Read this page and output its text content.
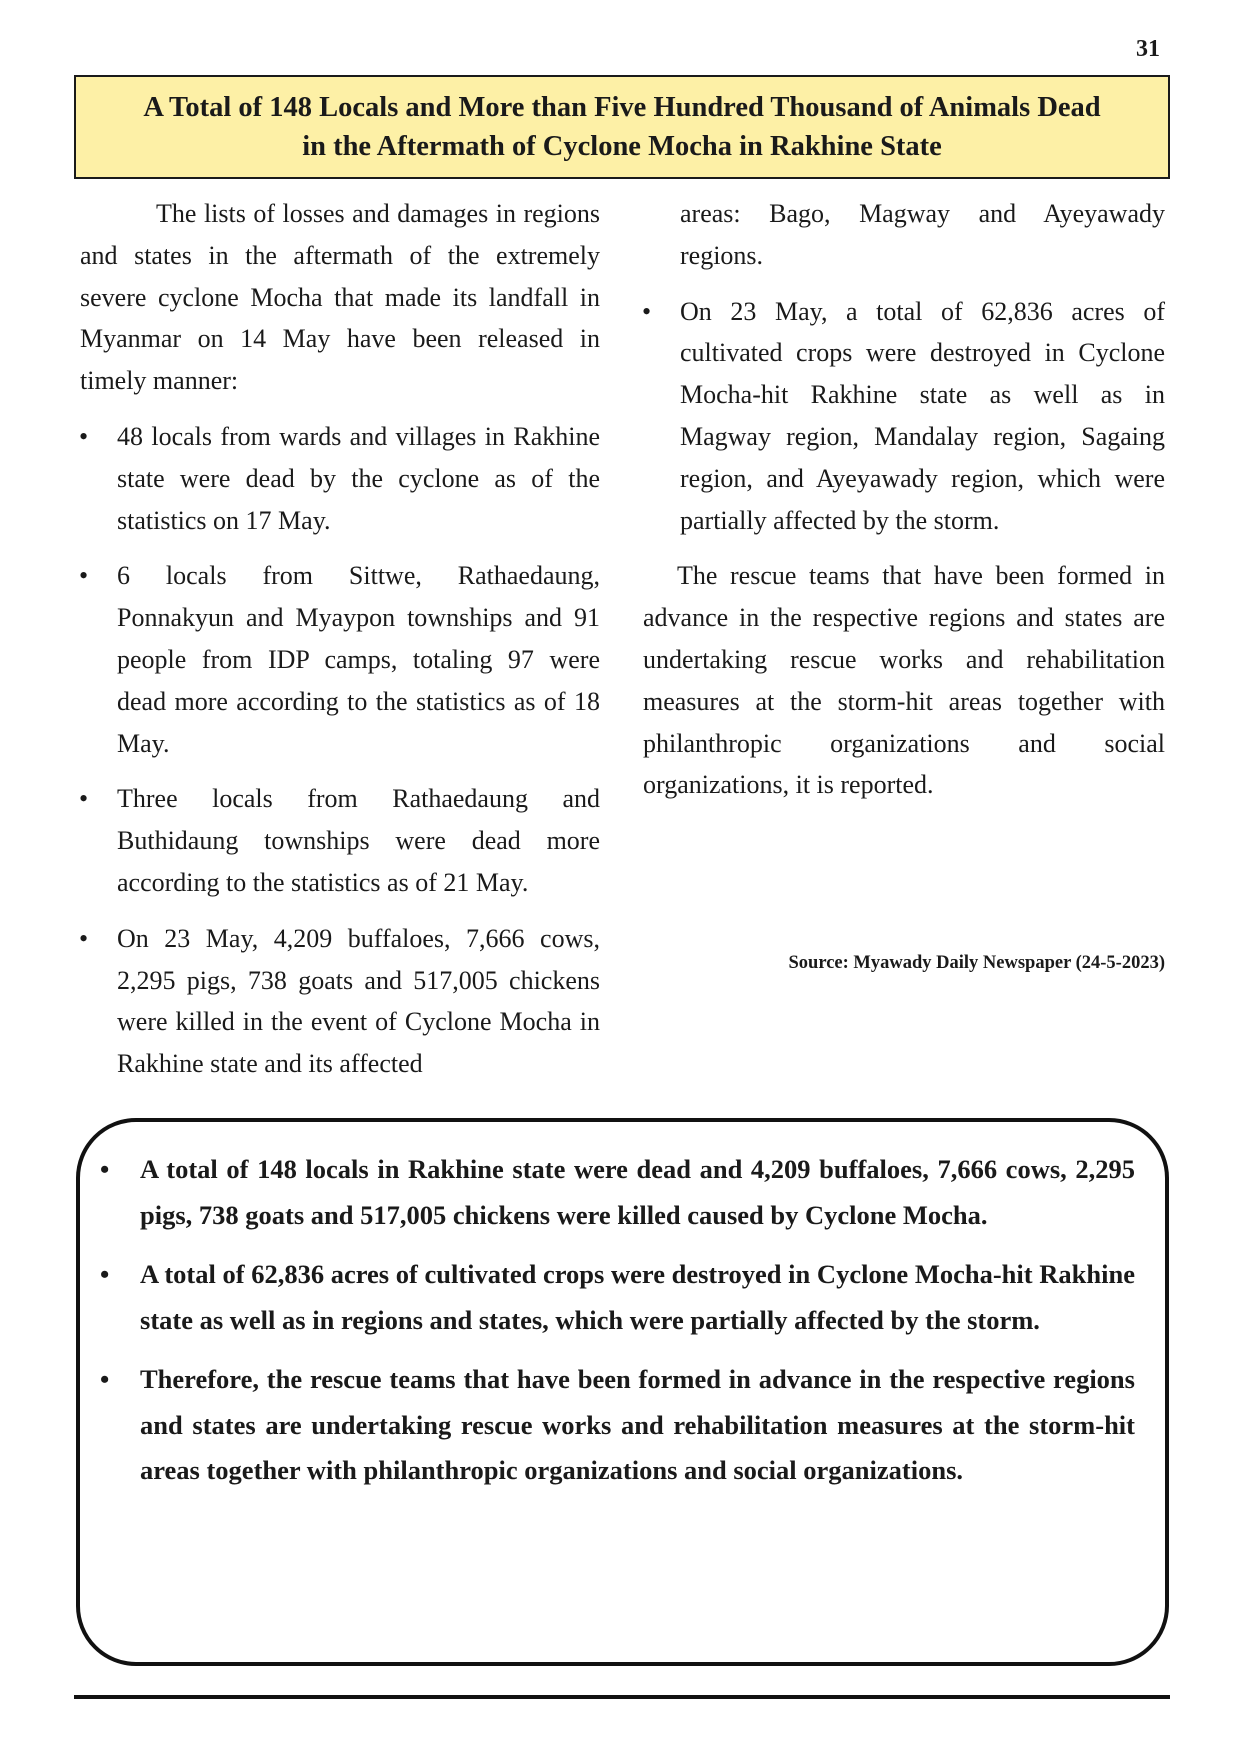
31
A Total of 148 Locals and More than Five Hundred Thousand of Animals Dead
in the Aftermath of Cyclone Mocha in Rakhine State

The lists of losses and damages in regions and states in the aftermath of the extremely severe cyclone Mocha that made its landfall in Myanmar on 14 May have been released in timely manner:

• 48 locals from wards and villages in Rakhine state were dead by the cyclone as of the statistics on 17 May.
• 6 locals from Sittwe, Rathaedaung, Ponnakyun and Myaypon townships and 91 people from IDP camps, totaling 97 were dead more according to the statistics as of 18 May.
• Three locals from Rathaedaung and Buthidaung townships were dead more according to the statistics as of 21 May.
• On 23 May, 4,209 buffaloes, 7,666 cows, 2,295 pigs, 738 goats and 517,005 chickens were killed in the event of Cyclone Mocha in Rakhine state and its affected

areas: Bago, Magway and Ayeyawady regions.

• On 23 May, a total of 62,836 acres of cultivated crops were destroyed in Cyclone Mocha-hit Rakhine state as well as in Magway region, Mandalay region, Sagaing region, and Ayeyawady region, which were partially affected by the storm.

The rescue teams that have been formed in advance in the respective regions and states are undertaking rescue works and rehabilitation measures at the storm-hit areas together with philanthropic organizations and social organizations, it is reported.

Source: Myawady Daily Newspaper (24-5-2023)
• A total of 148 locals in Rakhine state were dead and 4,209 buffaloes, 7,666 cows, 2,295 pigs, 738 goats and 517,005 chickens were killed caused by Cyclone Mocha.
• A total of 62,836 acres of cultivated crops were destroyed in Cyclone Mocha-hit Rakhine state as well as in regions and states, which were partially affected by the storm.
• Therefore, the rescue teams that have been formed in advance in the respective regions and states are undertaking rescue works and rehabilitation measures at the storm-hit areas together with philanthropic organizations and social organizations.
